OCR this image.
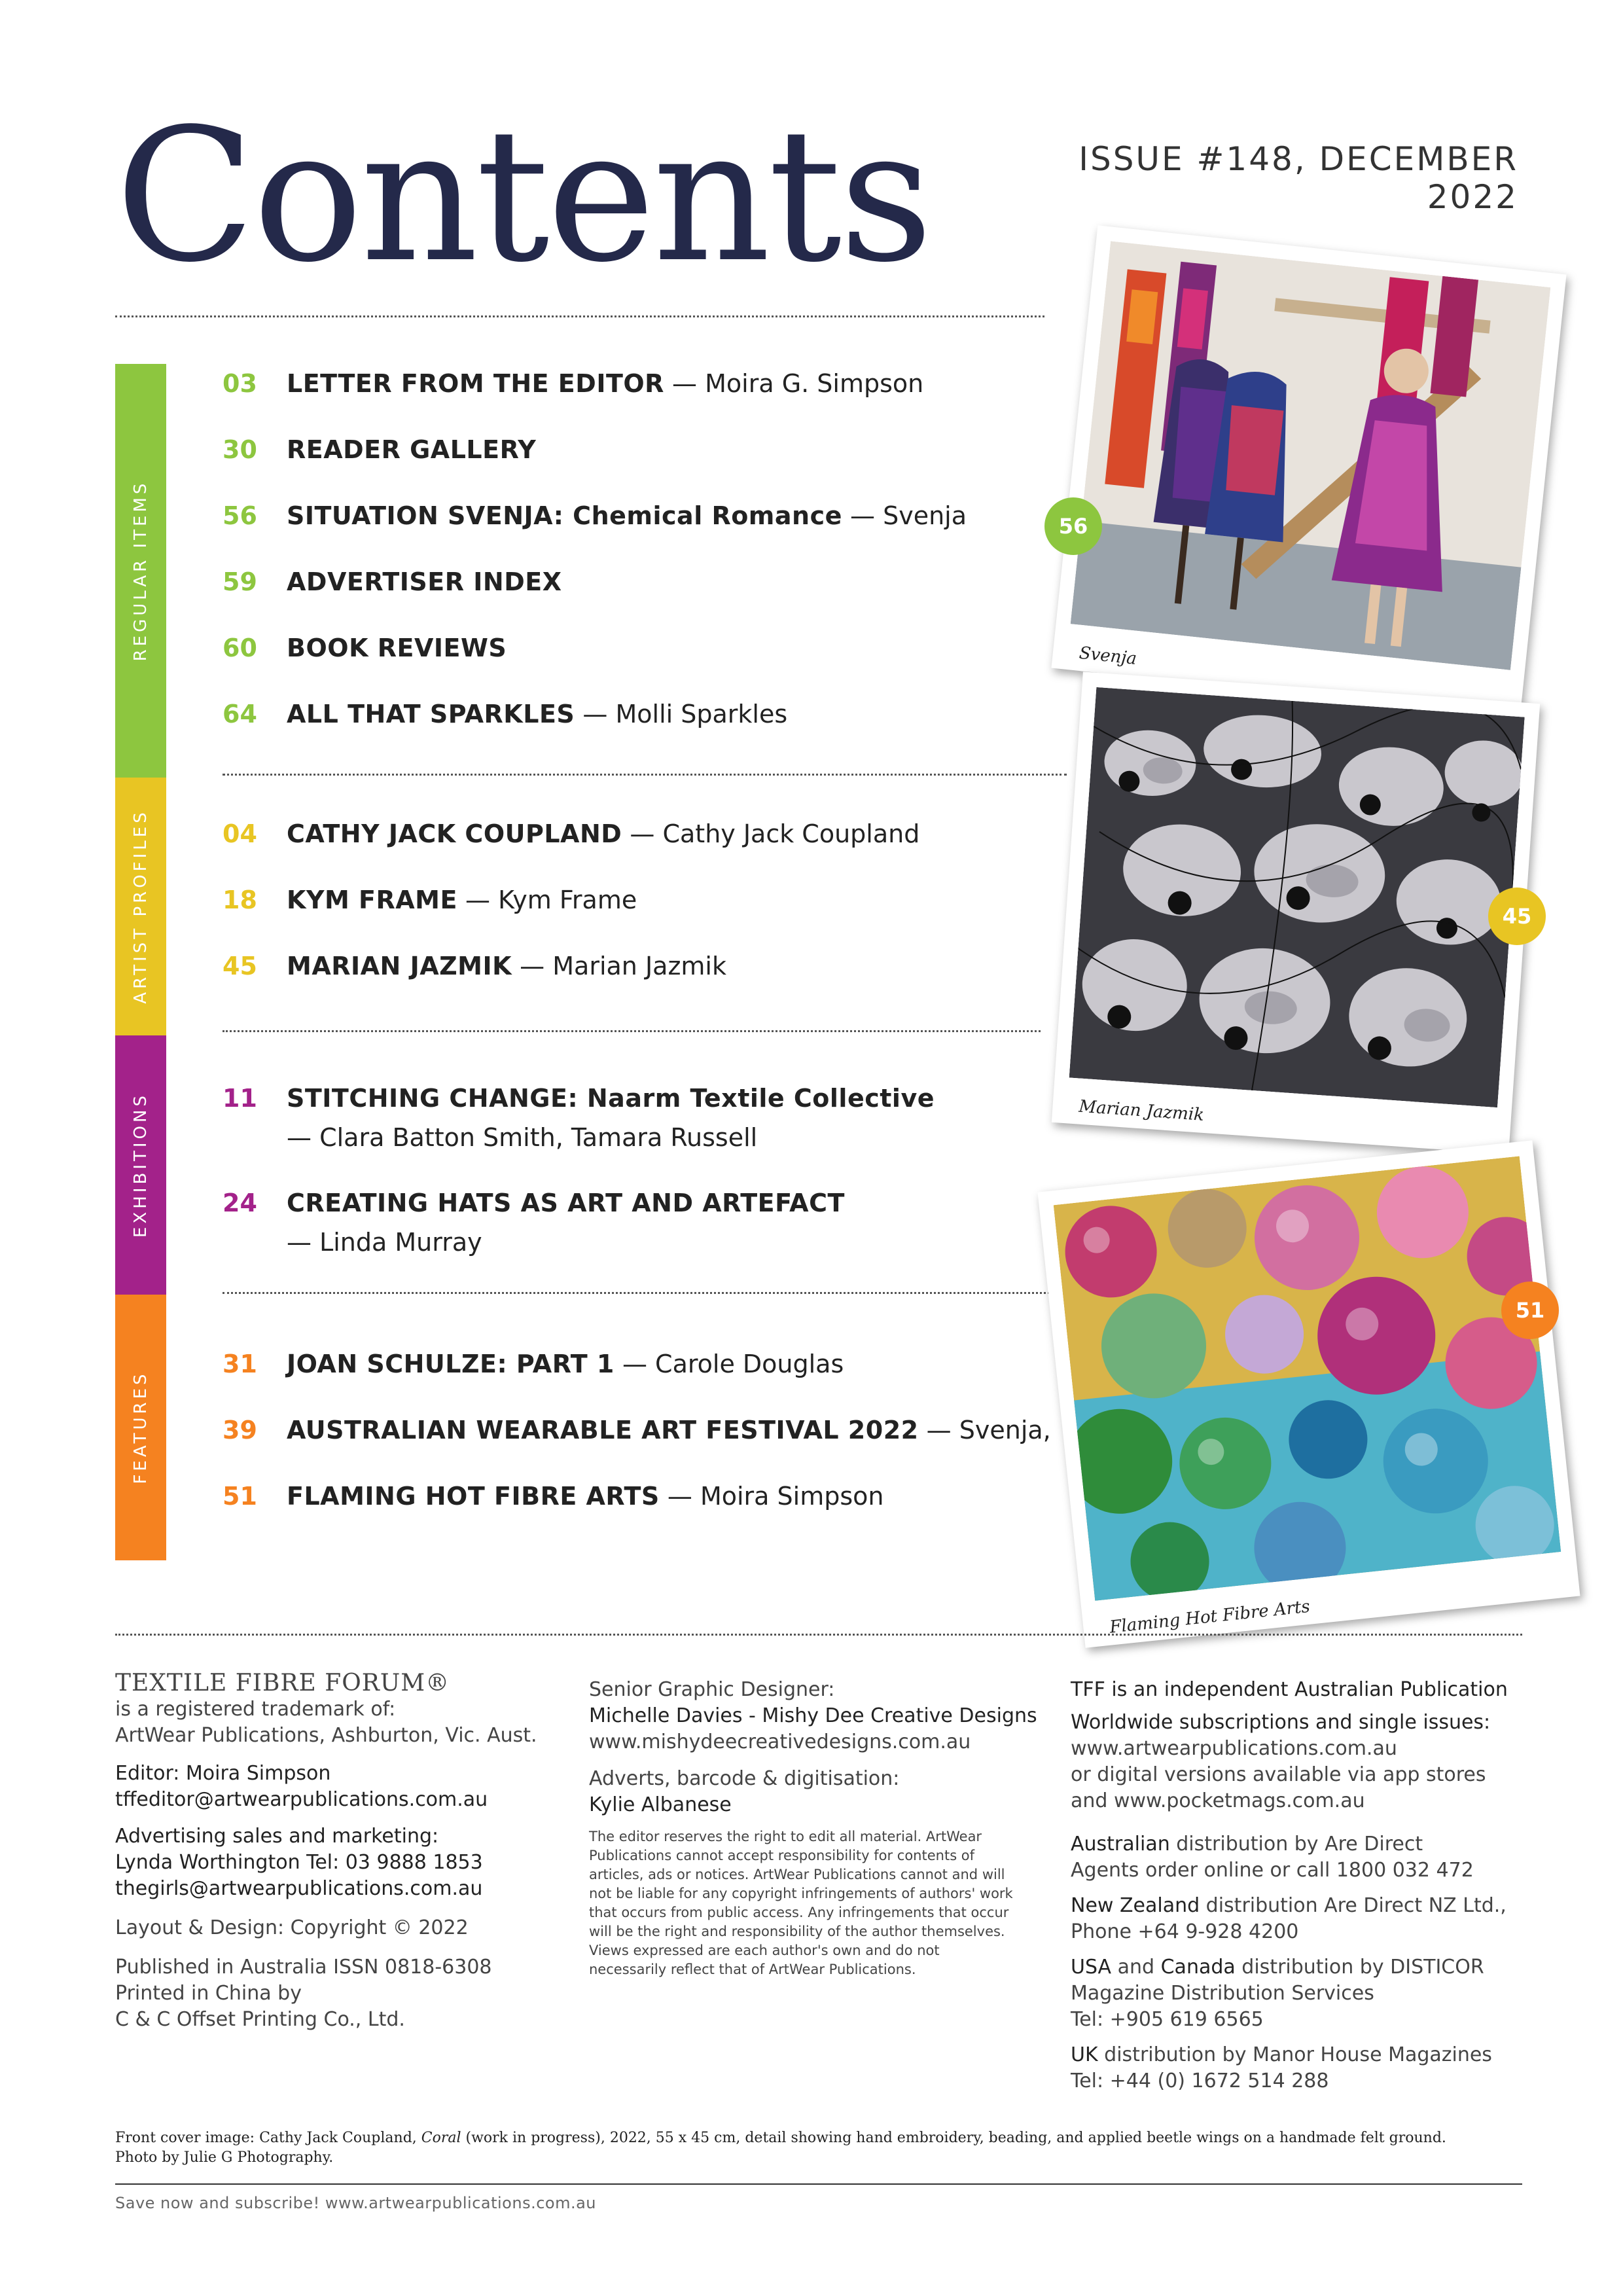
Contents	ISSUE #148, DECEMBER 2022
REGULAR ITEMS
ARTIST PROFILES
EXHIBITIONS
FEATURES
03	LETTER FROM THE EDITOR — Moira G. Simpson
30	READER GALLERY
56	SITUATION SVENJA: Chemical Romance — Svenja
59	ADVERTISER INDEX
60	BOOK REVIEWS
64	ALL THAT SPARKLES — Molli Sparkles
04	CATHY JACK COUPLAND — Cathy Jack Coupland
18	KYM FRAME — Kym Frame
45	MARIAN JAZMIK — Marian Jazmik
11	STITCHING CHANGE: Naarm Textile Collective
— Clara Batton Smith, Tamara Russell
24	CREATING HATS AS ART AND ARTEFACT
— Linda Murray
31	JOAN SCHULZE: PART 1 — Carole Douglas
39	AUSTRALIAN WEARABLE ART FESTIVAL 2022 — Svenja,
51	FLAMING HOT FIBRE ARTS — Moira Simpson
Svenja
56
Marian Jazmik
45
Flaming Hot Fibre Arts
51

TEXTILE FIBRE FORUM®

is a registered trademark of:

ArtWear Publications, Ashburton, Vic. Aust.

Editor: Moira Simpson

tffeditor@artwearpublications.com.au

Advertising sales and marketing:

Lynda Worthington Tel: 03 9888 1853

thegirls@artwearpublications.com.au

Layout & Design: Copyright © 2022

Published in Australia ISSN 0818-6308

Printed in China by

C & C Offset Printing Co., Ltd.

Senior Graphic Designer:

Michelle Davies - Mishy Dee Creative Designs

www.mishydeecreativedesigns.com.au

Adverts, barcode & digitisation:

Kylie Albanese

The editor reserves the right to edit all material. ArtWear Publications cannot accept responsibility for contents of articles, ads or notices. ArtWear Publications cannot and will not be liable for any copyright infringements of authors' work that occurs from public access. Any infringements that occur will be the right and responsibility of the author themselves. Views expressed are each author's own and do not necessarily reflect that of ArtWear Publications.

TFF is an independent Australian Publication

Worldwide subscriptions and single issues:

www.artwearpublications.com.au

or digital versions available via app stores

and www.pocketmags.com.au

Australian distribution by Are Direct

Agents order online or call 1800 032 472

New Zealand distribution Are Direct NZ Ltd.,

Phone +64 9-928 4200

USA and Canada distribution by DISTICOR

Magazine Distribution Services

Tel: +905 619 6565

UK distribution by Manor House Magazines

Tel: +44 (0) 1672 514 288

Front cover image: Cathy Jack Coupland, Coral (work in progress), 2022, 55 x 45 cm, detail showing hand embroidery, beading, and applied beetle wings on a handmade felt ground.
Photo by Julie G Photography.
Save now and subscribe! www.artwearpublications.com.au
